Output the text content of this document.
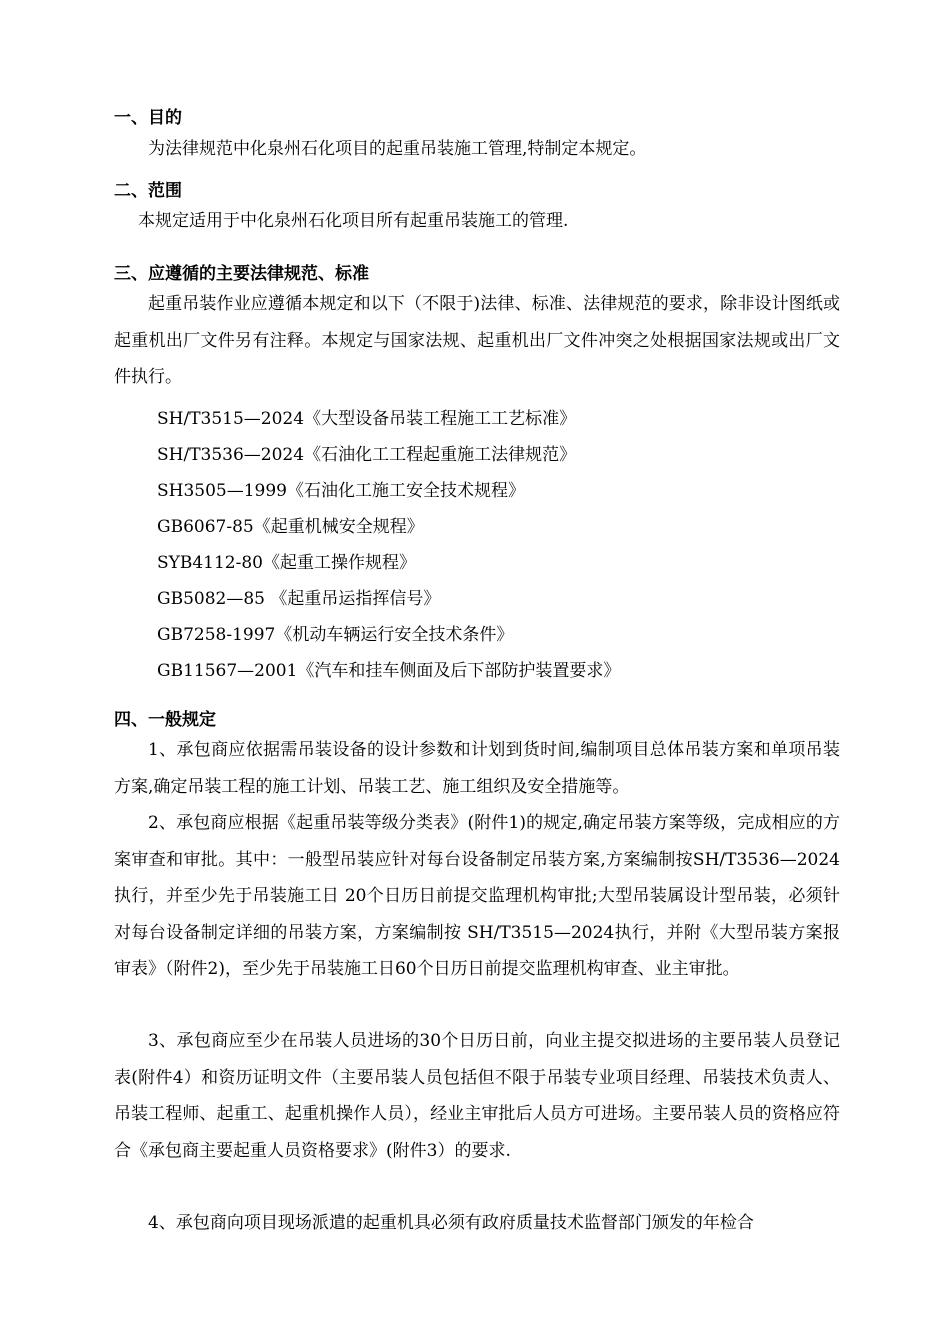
一、目的
为法律规范中化泉州石化项目的起重吊装施工管理,特制定本规定。
二、范围
本规定适用于中化泉州石化项目所有起重吊装施工的管理.
三、应遵循的主要法律规范、标准
起重吊装作业应遵循本规定和以下（不限于)法律、标准、法律规范的要求，除非设计图纸或起重机出厂文件另有注释。本规定与国家法规、起重机出厂文件冲突之处根据国家法规或出厂文件执行。
SH/T3515—2024《大型设备吊装工程施工工艺标准》
SH/T3536—2024《石油化工工程起重施工法律规范》
SH3505—1999《石油化工施工安全技术规程》
GB6067-85《起重机械安全规程》
SYB4112-80《起重工操作规程》
GB5082—85 《起重吊运指挥信号》
GB7258-1997《机动车辆运行安全技术条件》
GB11567—2001《汽车和挂车侧面及后下部防护装置要求》
四、一般规定
1、承包商应依据需吊装设备的设计参数和计划到货时间,编制项目总体吊装方案和单项吊装方案,确定吊装工程的施工计划、吊装工艺、施工组织及安全措施等。
2、承包商应根据《起重吊装等级分类表》(附件1)的规定,确定吊装方案等级，完成相应的方案审查和审批。其中：一般型吊装应针对每台设备制定吊装方案,方案编制按SH/T3536—2024执行，并至少先于吊装施工日 20个日历日前提交监理机构审批;大型吊装属设计型吊装，必须针对每台设备制定详细的吊装方案，方案编制按 SH/T3515—2024执行，并附《大型吊装方案报审表》（附件2)，至少先于吊装施工日60个日历日前提交监理机构审查、业主审批。
3、承包商应至少在吊装人员进场的30个日历日前，向业主提交拟进场的主要吊装人员登记表(附件4）和资历证明文件（主要吊装人员包括但不限于吊装专业项目经理、吊装技术负责人、吊装工程师、起重工、起重机操作人员），经业主审批后人员方可进场。主要吊装人员的资格应符合《承包商主要起重人员资格要求》(附件3）的要求.
4、承包商向项目现场派遣的起重机具必须有政府质量技术监督部门颁发的年检合
